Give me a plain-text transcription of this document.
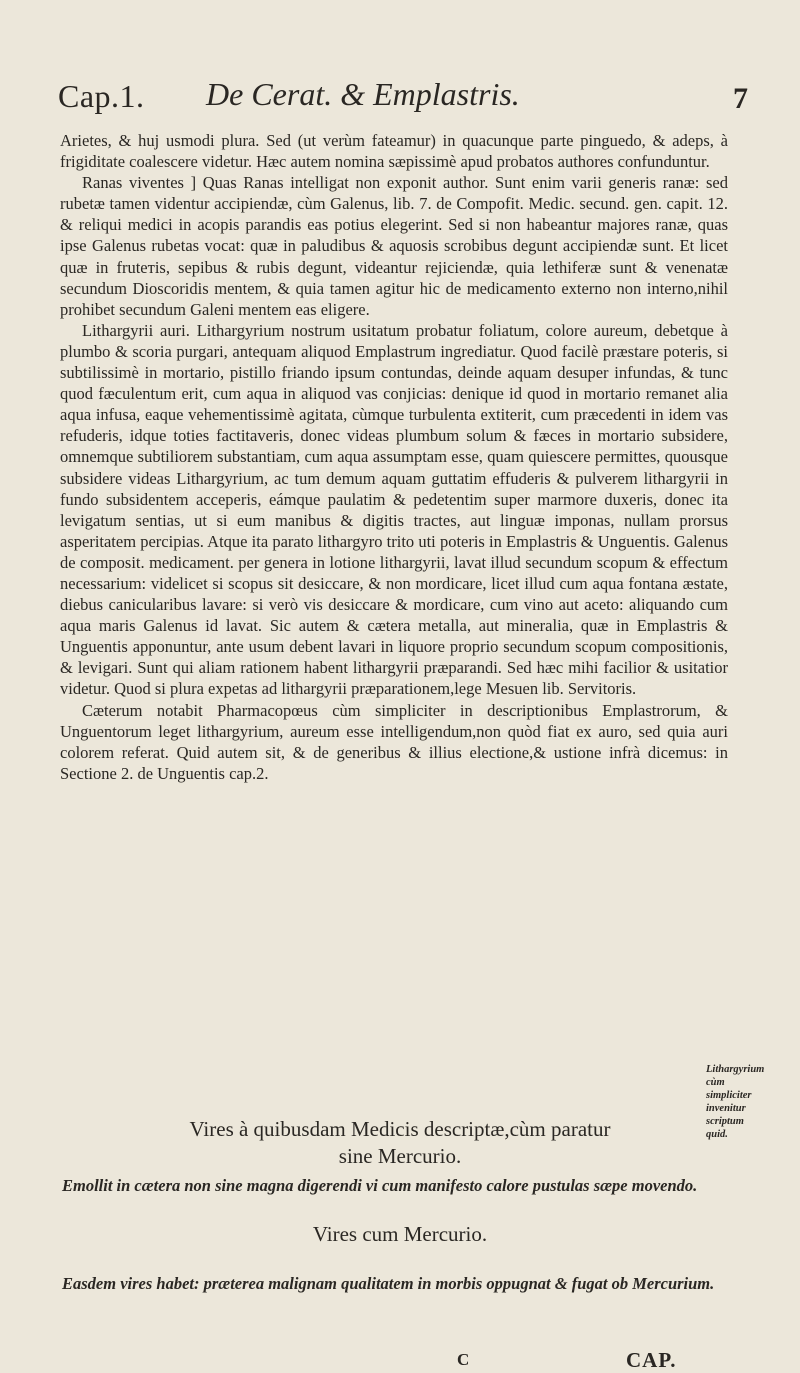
Cap.1. De Cerat. & Emplastris.	7

Arietes, & huj usmodi plura. Sed (ut verùm fateamur) in quacunque parte pinguedo, & adeps, à frigiditate coalescere videtur. Hæc autem nomina sæpissimè apud probatos authores confunduntur.

Ranas viventes ] Quas Ranas intelligat non exponit author. Sunt enim varii generis ranæ: sed rubetæ tamen videntur accipiendæ, cùm Galenus, lib. 7. de Compofit. Medic. secund. gen. capit. 12. & reliqui medici in acopis parandis eas potius elegerint. Sed si non habeantur majores ranæ, quas ipse Galenus rubetas vocat: quæ in paludibus & aquosis scrobibus degunt accipiendæ sunt. Et licet quæ in fruteтis, sepibus & rubis degunt, videantur rejiciendæ, quia lethiferæ sunt & venenatæ secundum Dioscoridis mentem, & quia tamen agitur hic de medicamento externo non interno,nihil prohibet secundum Galeni mentem eas eligere.

Lithargyrii auri. Lithargyrium nostrum usitatum probatur foliatum, colore aureum, debetque à plumbo & scoria purgari, antequam aliquod Emplastrum ingrediatur. Quod facilè præstare poteris, si subtilissimè in mortario, pistillo friando ipsum contundas, deinde aquam desuper infundas, & tunc quod fæculentum erit, cum aqua in aliquod vas conjicias: denique id quod in mortario remanet alia aqua infusa, eaque vehementissimè agitata, cùmque turbulenta extiterit, cum præcedenti in idem vas refuderis, idque toties factitaveris, donec videas plumbum solum & fæces in mortario subsidere, omnemque subtiliorem substantiam, cum aqua assumptam esse, quam quiescere permittes, quousque subsidere videas Lithargyrium, ac tum demum aquam guttatim effuderis & pulverem lithargyrii in fundo subsidentem acceperis, eámque paulatim & pedetentim super marmore duxeris, donec ita levigatum sentias, ut si eum manibus & digitis tractes, aut linguæ imponas, nullam prorsus asperitatem percipias. Atque ita parato lithargyro trito uti poteris in Emplastris & Unguentis. Galenus de composit. medicament. per genera in lotione lithargyrii, lavat illud secundum scopum & effectum necessarium: videlicet si scopus sit desiccare, & non mordicare, licet illud cum aqua fontana æstate, diebus canicularibus lavare: si verò vis desiccare & mordicare, cum vino aut aceto: aliquando cum aqua maris Galenus id lavat. Sic autem & cætera metalla, aut mineralia, quæ in Emplastris & Unguentis apponuntur, ante usum debent lavari in liquore proprio secundum scopum compositionis, & levigari. Sunt qui aliam rationem habent lithargyrii præparandi. Sed hæc mihi facilior & usitatior videtur. Quod si plura expetas ad lithargyrii præparationem,lege Mesuen lib. Servitoris.

Cæterum notabit Pharmacopœus cùm simpliciter in descriptionibus Emplastrorum, & Unguentorum leget lithargyrium, aureum esse intelligendum,non quòd fiat ex auro, sed quia auri colorem referat. Quid autem sit, & de generibus & illius electione,& ustione infrà dicemus: in Sectione 2. de Unguentis cap.2.

Lithargyrium cùm simpliciter invenitur scriptum quid.
Vires à quibusdam Medicis descriptæ,cùm paratur
sine Mercurio.
Emollit in cætera non sine magna digerendi vi cum manifesto calore pustulas sæpe movendo.
Vires cum Mercurio.
Easdem vires habet: præterea malignam qualitatem in morbis oppugnat & fugat ob Mercurium.
C	CAP.
